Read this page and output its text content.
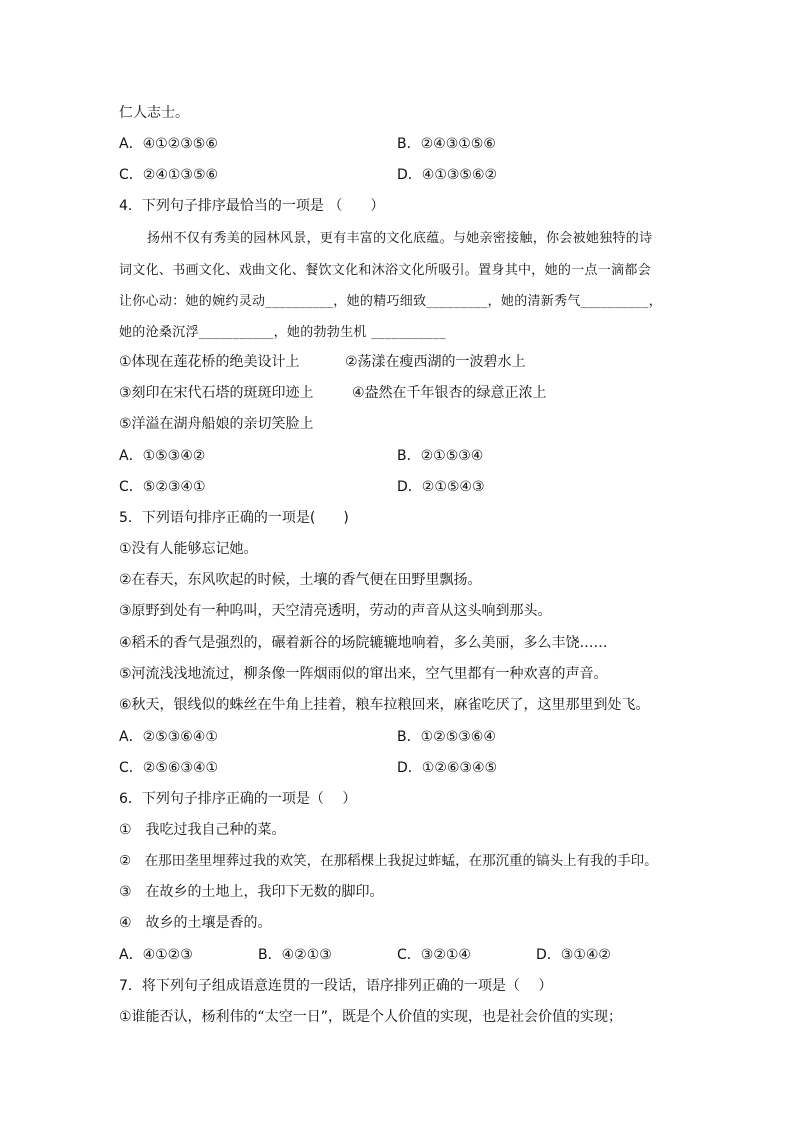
仁人志士。
A．④①②③⑤⑥	B．②④③①⑤⑥
C．②④①③⑤⑥	D．④①③⑤⑥②
4．下列句子排序最恰当的一项是 （　　）
扬州不仅有秀美的园林风景，更有丰富的文化底蕴。与她亲密接触，你会被她独特的诗
词文化、书画文化、戏曲文化、餐饮文化和沐浴文化所吸引。置身其中，她的一点一滴都会
让你心动：她的婉约灵动__________，她的精巧细致_________，她的清新秀气__________，
她的沧桑沉浮___________，她的勃勃生机 ___________
①体现在莲花桥的绝美设计上	②荡漾在瘦西湖的一波碧水上
③刻印在宋代石塔的斑斑印迹上	④盎然在千年银杏的绿意正浓上
⑤洋溢在湖舟船娘的亲切笑脸上
A．①⑤③④②	B．②①⑤③④
C．⑤②③④①	D．②①⑤④③
5．下列语句排序正确的一项是(　　)
①没有人能够忘记她。
②在春天，东风吹起的时候，土壤的香气便在田野里飘扬。
③原野到处有一种呜叫，天空清亮透明，劳动的声音从这头响到那头。
④稻禾的香气是强烈的，碾着新谷的场院辘辘地响着，多么美丽，多么丰饶……
⑤河流浅浅地流过，柳条像一阵烟雨似的窜出来，空气里都有一种欢喜的声音。
⑥秋天，银线似的蛛丝在牛角上挂着，粮车拉粮回来，麻雀吃厌了，这里那里到处飞。
A．②⑤③⑥④①	B．①②⑤③⑥④
C．②⑤⑥③④①	D．①②⑥③④⑤
6．下列句子排序正确的一项是（　 ）
①　我吃过我自己种的菜。
②　在那田垄里埋葬过我的欢笑，在那稻棵上我捉过蚱蜢，在那沉重的镐头上有我的手印。
③　在故乡的土地上，我印下无数的脚印。
④　故乡的土壤是香的。
A．④①②③	B．④②①③	C．③②①④	D．③①④②
7．将下列句子组成语意连贯的一段话，语序排列正确的一项是（　 ）
①谁能否认，杨利伟的“太空一日”，既是个人价值的实现，也是社会价值的实现；
